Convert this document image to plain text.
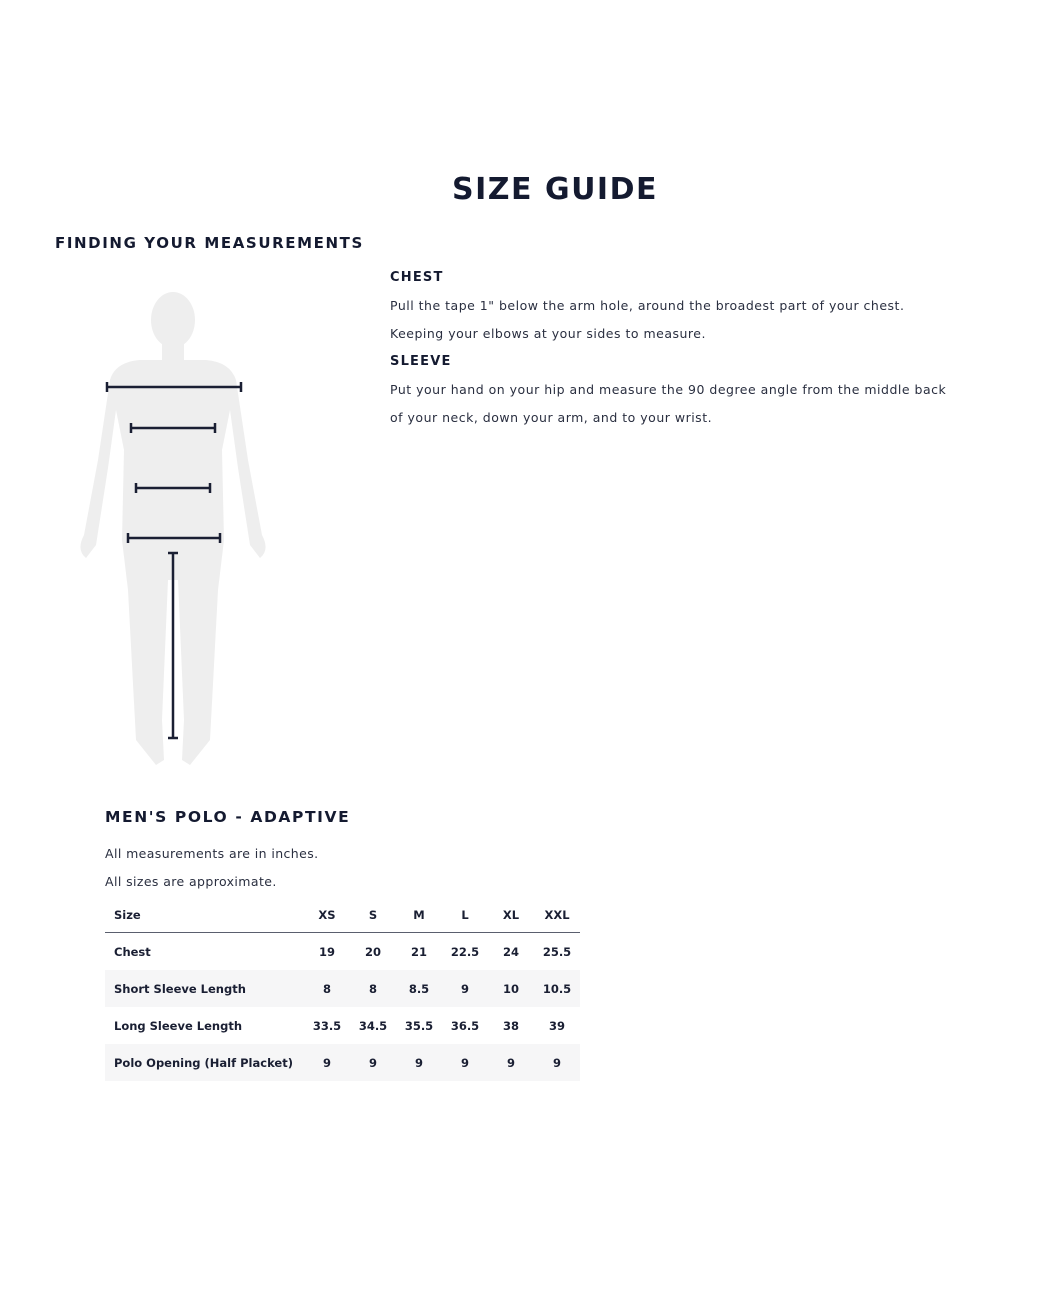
SIZE GUIDE
FINDING YOUR MEASUREMENTS
CHEST
Pull the tape 1" below the arm hole, around the broadest part of your chest.
Keeping your elbows at your sides to measure.
SLEEVE
Put your hand on your hip and measure the 90 degree angle from the middle back
of your neck, down your arm, and to your wrist.
MEN'S POLO - ADAPTIVE
All measurements are in inches.
All sizes are approximate.
Size	XS	S	M	L	XL	XXL
Chest	19	20	21	22.5	24	25.5
Short Sleeve Length	8	8	8.5	9	10	10.5
Long Sleeve Length	33.5	34.5	35.5	36.5	38	39
Polo Opening (Half Placket)	9	9	9	9	9	9
